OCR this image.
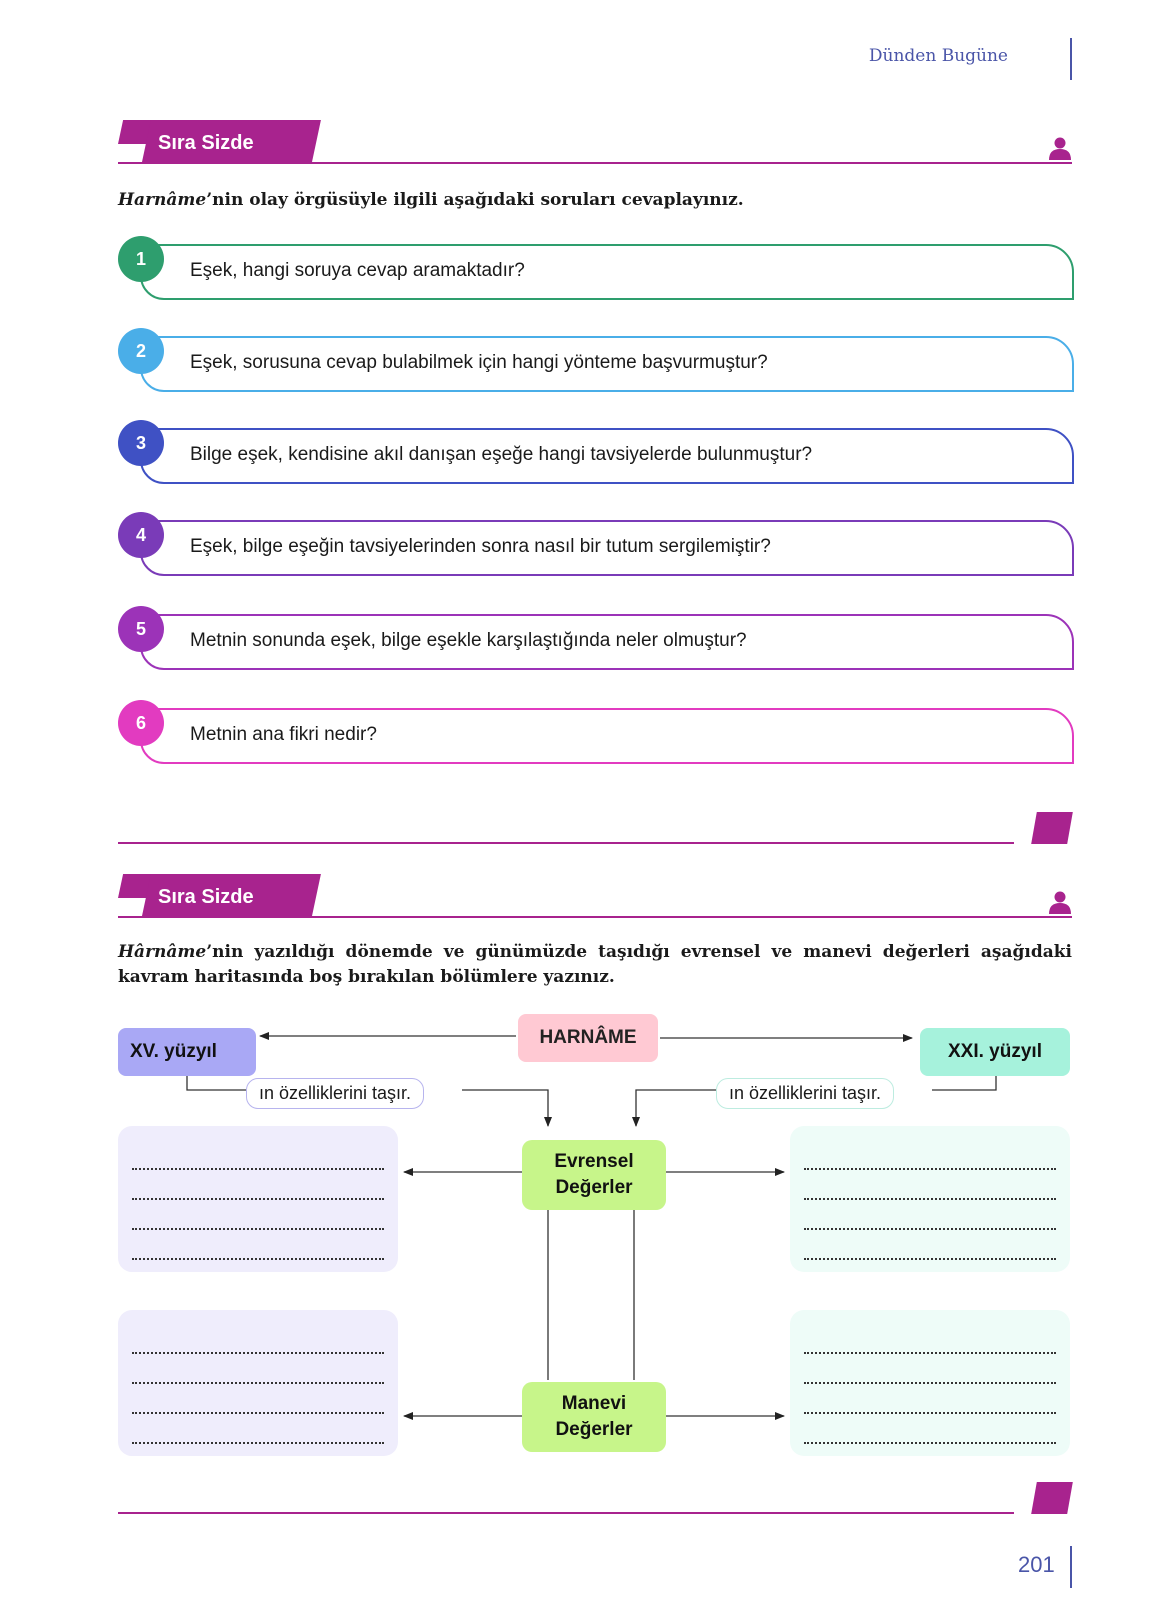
Dünden Bugüne
Sıra Sizde
Harnâme’nin olay örgüsüyle ilgili aşağıdaki soruları cevaplayınız.
1
Eşek, hangi soruya cevap aramaktadır?
2
Eşek, sorusuna cevap bulabilmek için hangi yönteme başvurmuştur?
3
Bilge eşek, kendisine akıl danışan eşeğe hangi tavsiyelerde bulunmuştur?
4
Eşek, bilge eşeğin tavsiyelerinden sonra nasıl bir tutum sergilemiştir?
5
Metnin sonunda eşek, bilge eşekle karşılaştığında neler olmuştur?
6
Metnin ana fikri nedir?
Sıra Sizde
Hârnâme’nin yazıldığı dönemde ve günümüzde taşıdığı evrensel ve manevi değerleri aşağıdaki kavram haritasında boş bırakılan bölümlere yazınız.
HARNÂME
XV. yüzyıl	XXI. yüzyıl
ın özelliklerini taşır.	ın özelliklerini taşır.
Evrensel
Değerler
Manevi
Değerler
201
